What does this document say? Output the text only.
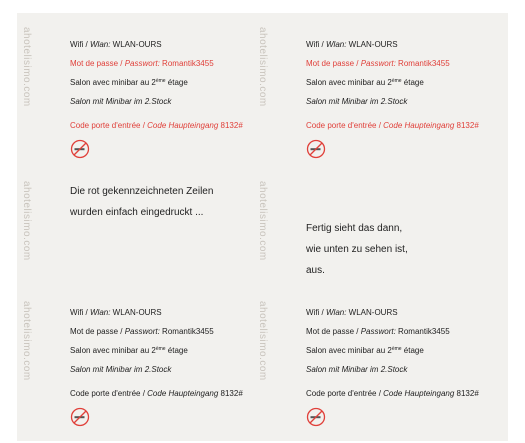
ahotelisimo.com	Wifi / Wlan: WLAN-OURS
Mot de passe / Passwort: Romantik3455
Salon avec minibar au 2ème étage
Salon mit Minibar im 2.Stock
Code porte d'entrée / Code Haupteingang 8132#
ahotelisimo.com	Wifi / Wlan: WLAN-OURS
Mot de passe / Passwort: Romantik3455
Salon avec minibar au 2ème étage
Salon mit Minibar im 2.Stock
Code porte d'entrée / Code Haupteingang 8132#
ahotelisimo.com	Die rot gekennzeichneten Zeilen
wurden einfach eingedruckt ...	ahotelisimo.com	Fertig sieht das dann,
wie unten zu sehen ist,
aus.
ahotelisimo.com	Wifi / Wlan: WLAN-OURS
Mot de passe / Passwort: Romantik3455
Salon avec minibar au 2ème étage
Salon mit Minibar im 2.Stock
Code porte d'entrée / Code Haupteingang 8132#
ahotelisimo.com	Wifi / Wlan: WLAN-OURS
Mot de passe / Passwort: Romantik3455
Salon avec minibar au 2ème étage
Salon mit Minibar im 2.Stock
Code porte d'entrée / Code Haupteingang 8132#
